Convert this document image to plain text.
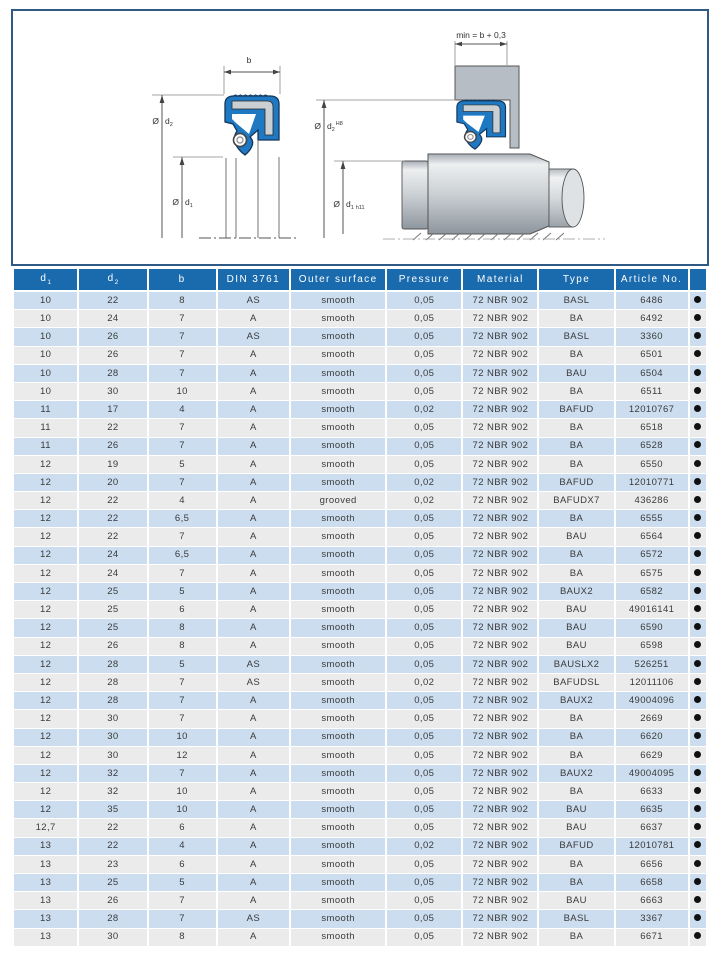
b
Ø $d_2$
Ø $d_1$
min = b + 0,3
Ø $d_2^{H8}$
Ø $d_1$ h11
$d_1$	$d_2$	b	DIN 3761	Outer surface	Pressure	Material	Type	Article No.	
10	22	8	AS	smooth	0,05	72 NBR 902	BASL	6486	
10	24	7	A	smooth	0,05	72 NBR 902	BA	6492	
10	26	7	AS	smooth	0,05	72 NBR 902	BASL	3360	
10	26	7	A	smooth	0,05	72 NBR 902	BA	6501	
10	28	7	A	smooth	0,05	72 NBR 902	BAU	6504	
10	30	10	A	smooth	0,05	72 NBR 902	BA	6511	
11	17	4	A	smooth	0,02	72 NBR 902	BAFUD	12010767	
11	22	7	A	smooth	0,05	72 NBR 902	BA	6518	
11	26	7	A	smooth	0,05	72 NBR 902	BA	6528	
12	19	5	A	smooth	0,05	72 NBR 902	BA	6550	
12	20	7	A	smooth	0,02	72 NBR 902	BAFUD	12010771	
12	22	4	A	grooved	0,02	72 NBR 902	BAFUDX7	436286	
12	22	6,5	A	smooth	0,05	72 NBR 902	BA	6555	
12	22	7	A	smooth	0,05	72 NBR 902	BAU	6564	
12	24	6,5	A	smooth	0,05	72 NBR 902	BA	6572	
12	24	7	A	smooth	0,05	72 NBR 902	BA	6575	
12	25	5	A	smooth	0,05	72 NBR 902	BAUX2	6582	
12	25	6	A	smooth	0,05	72 NBR 902	BAU	49016141	
12	25	8	A	smooth	0,05	72 NBR 902	BAU	6590	
12	26	8	A	smooth	0,05	72 NBR 902	BAU	6598	
12	28	5	AS	smooth	0,05	72 NBR 902	BAUSLX2	526251	
12	28	7	AS	smooth	0,02	72 NBR 902	BAFUDSL	12011106	
12	28	7	A	smooth	0,05	72 NBR 902	BAUX2	49004096	
12	30	7	A	smooth	0,05	72 NBR 902	BA	2669	
12	30	10	A	smooth	0,05	72 NBR 902	BA	6620	
12	30	12	A	smooth	0,05	72 NBR 902	BA	6629	
12	32	7	A	smooth	0,05	72 NBR 902	BAUX2	49004095	
12	32	10	A	smooth	0,05	72 NBR 902	BA	6633	
12	35	10	A	smooth	0,05	72 NBR 902	BAU	6635	
12,7	22	6	A	smooth	0,05	72 NBR 902	BAU	6637	
13	22	4	A	smooth	0,02	72 NBR 902	BAFUD	12010781	
13	23	6	A	smooth	0,05	72 NBR 902	BA	6656	
13	25	5	A	smooth	0,05	72 NBR 902	BA	6658	
13	26	7	A	smooth	0,05	72 NBR 902	BAU	6663	
13	28	7	AS	smooth	0,05	72 NBR 902	BASL	3367	
13	30	8	A	smooth	0,05	72 NBR 902	BA	6671	
